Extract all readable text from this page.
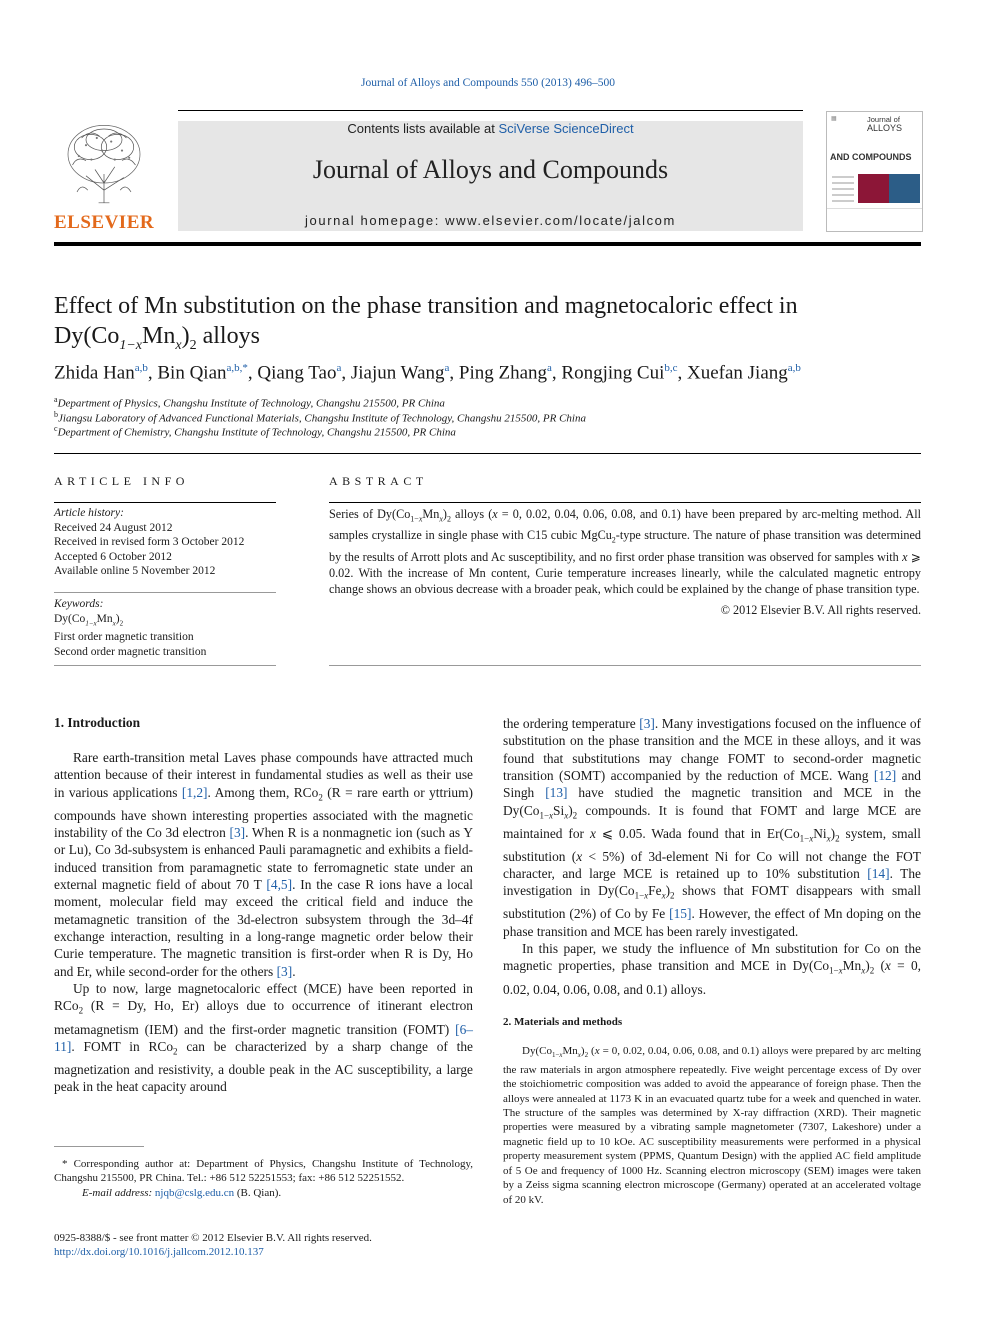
Journal of Alloys and Compounds 550 (2013) 496–500
ELSEVIER
Contents lists available at SciVerse ScienceDirect
Journal of Alloys and Compounds
journal homepage: www.elsevier.com/locate/jalcom
▦	Journal of
ALLOYS
AND COMPOUNDS
Effect of Mn substitution on the phase transition and magnetocaloric effect in
$Dy(Co_{1-x}Mn_x)_2$ alloys
Zhida Han$^{a,b}$, Bin Qian$^{a,b,*}$, Qiang Tao$^a$, Jiajun Wang$^a$, Ping Zhang$^a$, Rongjing Cui$^{b,c}$, Xuefan Jiang$^{a,b}$
$^a$Department of Physics, Changshu Institute of Technology, Changshu 215500, PR China
$^b$Jiangsu Laboratory of Advanced Functional Materials, Changshu Institute of Technology, Changshu 215500, PR China
$^c$Department of Chemistry, Changshu Institute of Technology, Changshu 215500, PR China
ARTICLE INFO
Article history:
Received 24 August 2012
Received in revised form 3 October 2012
Accepted 6 October 2012
Available online 5 November 2012
Keywords:
$Dy(Co_{1-x}Mn_x)_2$
First order magnetic transition
Second order magnetic transition
ABSTRACT
Series of $Dy(Co_{1-x}Mn_x)_2$ alloys (x = 0, 0.02, 0.04, 0.06, 0.08, and 0.1) have been prepared by arc-melting method. All samples crystallize in single phase with C15 cubic MgCu$_2$-type structure. The nature of phase transition was determined by the results of Arrott plots and Ac susceptibility, and no first order phase transition was observed for samples with x ⩾ 0.02. With the increase of Mn content, Curie temperature increases linearly, while the calculated magnetic entropy change shows an obvious decrease with a broader peak, which could be explained by the change of phase transition type.
© 2012 Elsevier B.V. All rights reserved.
1. Introduction

Rare earth-transition metal Laves phase compounds have attracted much attention because of their interest in fundamental studies as well as their use in various applications [1,2]. Among them, RCo$_2$ (R = rare earth or yttrium) compounds have shown interesting properties associated with the magnetic instability of the Co 3d electron [3]. When R is a nonmagnetic ion (such as Y or Lu), Co 3d-subsystem is enhanced Pauli paramagnetic and exhibits a field-induced transition from paramagnetic state to ferromagnetic state under an external magnetic field of about 70 T [4,5]. In the case R ions have a local moment, molecular field may exceed the critical field and induce the metamagnetic transition of the 3d-electron subsystem through the 3d–4f exchange interaction, resulting in a long-range magnetic order below their Curie temperature. The magnetic transition is first-order when R is Dy, Ho and Er, while second-order for the others [3].

Up to now, large magnetocaloric effect (MCE) have been reported in RCo$_2$ (R = Dy, Ho, Er) alloys due to occurrence of itinerant electron metamagnetism (IEM) and the first-order magnetic transition (FOMT) [6–11]. FOMT in RCo$_2$ can be characterized by a sharp change of the magnetization and resistivity, a double peak in the AC susceptibility, a large peak in the heat capacity around

* Corresponding author at: Department of Physics, Changshu Institute of Technology, Changshu 215500, PR China. Tel.: +86 512 52251553; fax: +86 512 52251552.
E-mail address: njqb@cslg.edu.cn (B. Qian).
0925-8388/$ - see front matter © 2012 Elsevier B.V. All rights reserved.
http://dx.doi.org/10.1016/j.jallcom.2012.10.137

the ordering temperature [3]. Many investigations focused on the influence of substitution on the phase transition and the MCE in these alloys, and it was found that substitutions may change FOMT to second-order magnetic transition (SOMT) accompanied by the reduction of MCE. Wang [12] and Singh [13] have studied the magnetic transition and MCE in the $Dy(Co_{1-x}Si_x)_2$ compounds. It is found that FOMT and large MCE are maintained for x ⩽ 0.05. Wada found that in $Er(Co_{1-x}Ni_x)_2$ system, small substitution (x < 5%) of 3d-element Ni for Co will not change the FOT character, and large MCE is retained up to 10% substitution [14]. The investigation in $Dy(Co_{1-x}Fe_x)_2$ shows that FOMT disappears with small substitution (2%) of Co by Fe [15]. However, the effect of Mn doping on the phase transition and MCE has been rarely investigated.

In this paper, we study the influence of Mn substitution for Co on the magnetic properties, phase transition and MCE in $Dy(Co_{1-x}Mn_x)_2$ (x = 0, 0.02, 0.04, 0.06, 0.08, and 0.1) alloys.

2. Materials and methods
$Dy(Co_{1-x}Mn_x)_2$ (x = 0, 0.02, 0.04, 0.06, 0.08, and 0.1) alloys were prepared by arc melting the raw materials in argon atmosphere repeatedly. Five weight percentage excess of Dy over the stoichiometric composition was added to avoid the appearance of foreign phase. Then the alloys were annealed at 1173 K in an evacuated quartz tube for a week and quenched in water. The structure of the samples was determined by X-ray diffraction (XRD). Their magnetic properties were measured by a vibrating sample magnetometer (7307, Lakeshore) under a magnetic field up to 10 kOe. AC susceptibility measurements were performed in a physical property measurement system (PPMS, Quantum Design) with the applied AC field amplitude of 5 Oe and frequency of 1000 Hz. Scanning electron microscopy (SEM) images were taken by a Zeiss sigma scanning electron microscope (Germany) operated at an accelerated voltage of 20 kV.
